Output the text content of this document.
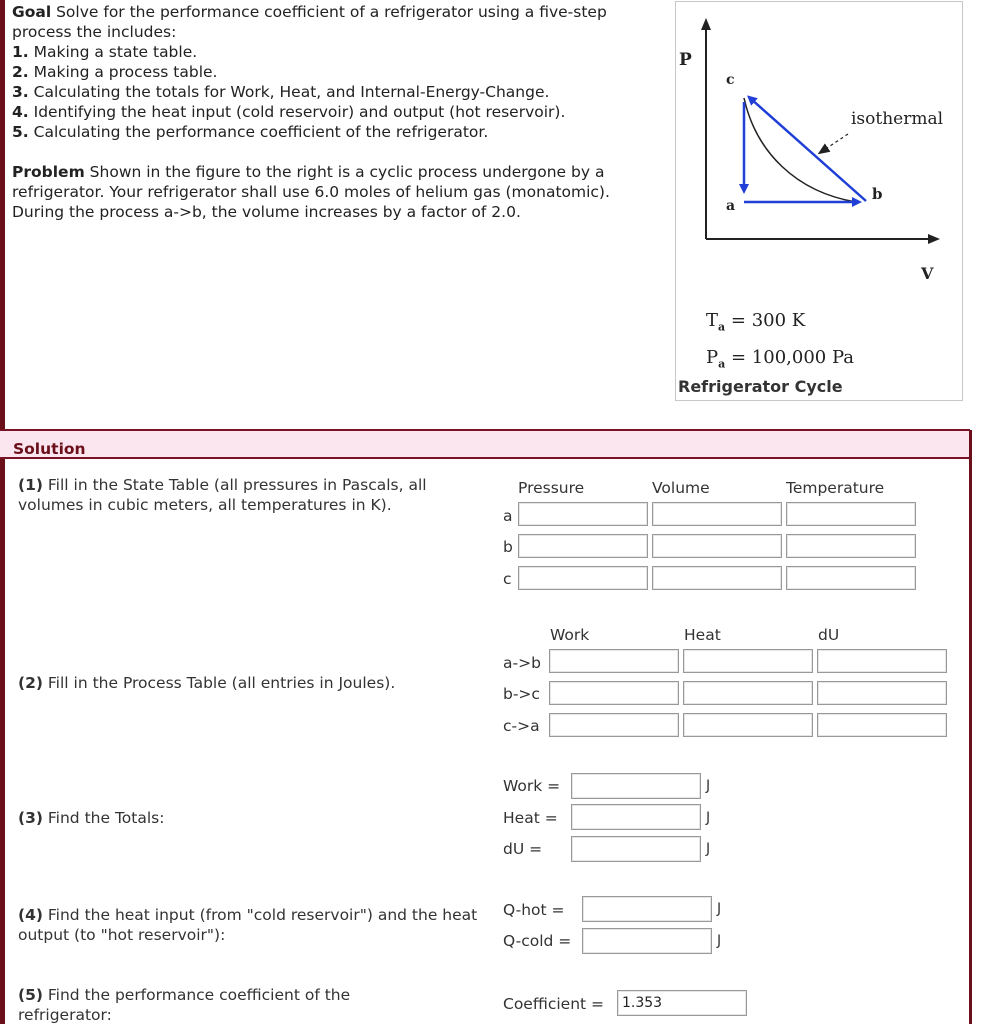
Goal Solve for the performance coefficient of a refrigerator using a five-step process the includes:
1. Making a state table.
2. Making a process table.
3. Calculating the totals for Work, Heat, and Internal-Energy-Change.
4. Identifying the heat input (cold reservoir) and output (hot reservoir).
5. Calculating the performance coefficient of the refrigerator.
Problem Shown in the figure to the right is a cyclic process undergone by a refrigerator. Your refrigerator shall use 6.0 moles of helium gas (monatomic). During the process a->b, the volume increases by a factor of 2.0.
P
V
c
a
b
isothermal
$T_a = 300$ K
$P_a = 100,000$ Pa
Refrigerator Cycle
Solution
(1) Fill in the State Table (all pressures in Pascals, all volumes in cubic meters, all temperatures in K).
Pressure	Volume	Temperature
a
b
c
(2) Fill in the Process Table (all entries in Joules).
Work	Heat	dU
a->b
b->c
c->a
(3) Find the Totals:
Work =	J
Heat =	J
dU =	J
(4) Find the heat input (from "cold reservoir") and the heat output (to "hot reservoir"):
Q-hot =	J
Q-cold =	J
(5) Find the performance coefficient of the refrigerator:
Coefficient =
1.353
